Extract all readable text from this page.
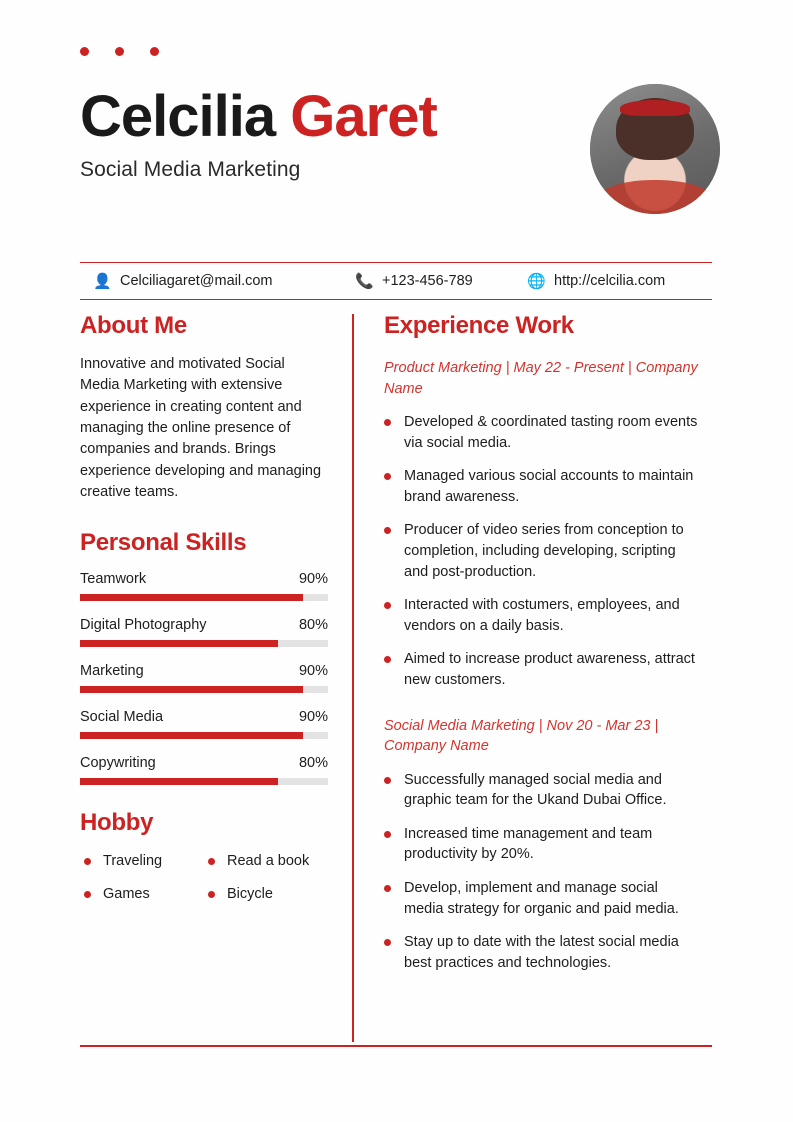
Celcilia Garet
Social Media Marketing
👤 Celciliagaret@mail.com	📞 +123-456-789	🌐 http://celcilia.com
About Me

Innovative and motivated Social Media Marketing with extensive experience in creating content and managing the online presence of companies and brands. Brings experience developing and managing creative teams.

Personal Skills
Teamwork	90%
Digital Photography	80%
Marketing	90%
Social Media	90%
Copywriting	80%
Hobby
Traveling	Read a book
Games	Bicycle
Experience Work
Product Marketing | May 22 - Present | Company Name
Developed & coordinated tasting room events via social media.
Managed various social accounts to maintain brand awareness.
Producer of video series from conception to completion, including developing, scripting and post-production.
Interacted with costumers, employees, and vendors on a daily basis.
Aimed to increase product awareness, attract new customers.
Social Media Marketing | Nov 20 - Mar 23 | Company Name
Successfully managed social media and graphic team for the Ukand Dubai Office.
Increased time management and team productivity by 20%.
Develop, implement and manage social media strategy for organic and paid media.
Stay up to date with the latest social media best practices and technologies.
